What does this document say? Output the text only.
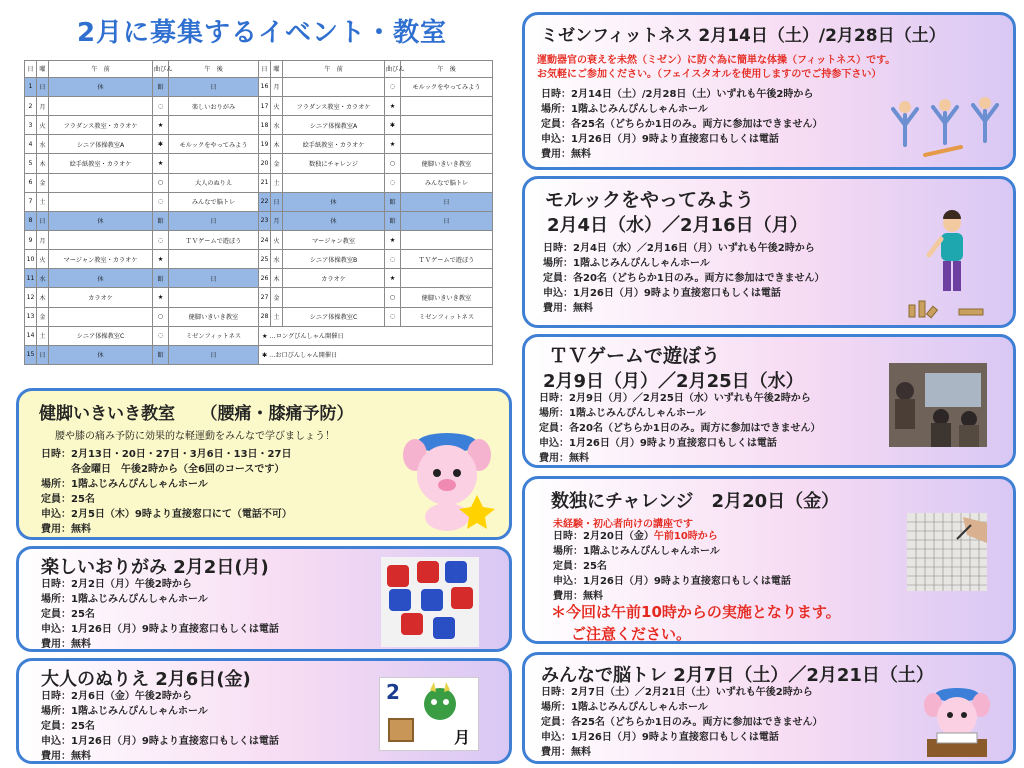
2月に募集するイベント・教室
日	曜	午　前	曲びん	午　後	日	曜	午　前	曲びん	午　後
1	日	休	館	日	16	月		◌	モルックをやってみよう
2	月		◌	楽しいおりがみ	17	火	フラダンス教室・カラオケ	★	
3	火	フラダンス教室・カラオケ	★		18	水	シニア体操教室A	✱	
4	水	シニア体操教室A	✱	モルックをやってみよう	19	木	絵手紙教室・カラオケ	★	
5	木	絵手紙教室・カラオケ	★		20	金	数独にチャレンジ	○	健脚いきいき教室
6	金		○	大人のぬりえ	21	土		◌	みんなで脳トレ
7	土		◌	みんなで脳トレ	22	日	休	館	日
8	日	休	館	日	23	月	休	館	日
9	月		◌	ＴＶゲームで遊ぼう	24	火	マージャン教室	★	
10	火	マージャン教室・カラオケ	★		25	水	シニア体操教室B	◌	ＴＶゲームで遊ぼう
11	水	休	館	日	26	木	カラオケ	★	
12	木	カラオケ	★		27	金		○	健脚いきいき教室
13	金		○	健脚いきいき教室	28	土	シニア体操教室C	◌	ミゼンフィットネス
14	土	シニア体操教室C	◌	ミゼンフィットネス	★ …ロングびんしゃん開催日				
15	日	休	館	日	✱ …お口びんしゃん開催日				
健脚いきいき教室　　（腰痛・膝痛予防）
腰や膝の痛み予防に効果的な軽運動をみんなで学びましょう！
日時：2月13日・20日・27日・3月6日・13日・27日
　　　各金曜日　午後2時から（全6回のコースです）
場所：1階ふじみんぴんしゃんホール
定員：25名
申込：2月5日（木）9時より直接窓口にて（電話不可）
費用：無料
楽しいおりがみ 2月2日(月)
日時：2月2日（月）午後2時から
場所：1階ふじみんぴんしゃんホール
定員：25名
申込：1月26日（月）9時より直接窓口もしくは電話
費用：無料
大人のぬりえ 2月6日(金)
日時：2月6日（金）午後2時から
場所：1階ふじみんぴんしゃんホール
定員：25名
申込：1月26日（月）9時より直接窓口もしくは電話
費用：無料
2
月
ミゼンフィットネス 2月14日（土）/2月28日（土）
運動器官の衰えを未然（ミゼン）に防ぐ為に簡単な体操（フィットネス）です。
お気軽にご参加ください。（フェイスタオルを使用しますのでご持参下さい）
日時：2月14日（土）/2月28日（土）いずれも午後2時から
場所：1階ふじみんぴんしゃんホール
定員：各25名（どちらか1日のみ。両方に参加はできません）
申込：1月26日（月）9時より直接窓口もしくは電話
費用：無料
モルックをやってみよう
2月4日（水）／2月16日（月）
日時：2月4日（水）／2月16日（月）いずれも午後2時から
場所：1階ふじみんぴんしゃんホール
定員：各20名（どちらか1日のみ。両方に参加はできません）
申込：1月26日（月）9時より直接窓口もしくは電話
費用：無料
ＴＶゲームで遊ぼう
2月9日（月）／2月25日（水）
日時：2月9日（月）／2月25日（水）いずれも午後2時から
場所：1階ふじみんぴんしゃんホール
定員：各20名（どちらか1日のみ。両方に参加はできません）
申込：1月26日（月）9時より直接窓口もしくは電話
費用：無料
数独にチャレンジ　2月20日（金）
未経験・初心者向けの講座です
日時：2月20日（金）午前10時から
場所：1階ふじみんぴんしゃんホール
定員：25名
申込：1月26日（月）9時より直接窓口もしくは電話
費用：無料
＊今回は午前10時からの実施となります。
ご注意ください。
みんなで脳トレ 2月7日（土）／2月21日（土）
日時：2月7日（土）／2月21日（土）いずれも午後2時から
場所：1階ふじみんぴんしゃんホール
定員：各25名（どちらか1日のみ。両方に参加はできません）
申込：1月26日（月）9時より直接窓口もしくは電話
費用：無料
